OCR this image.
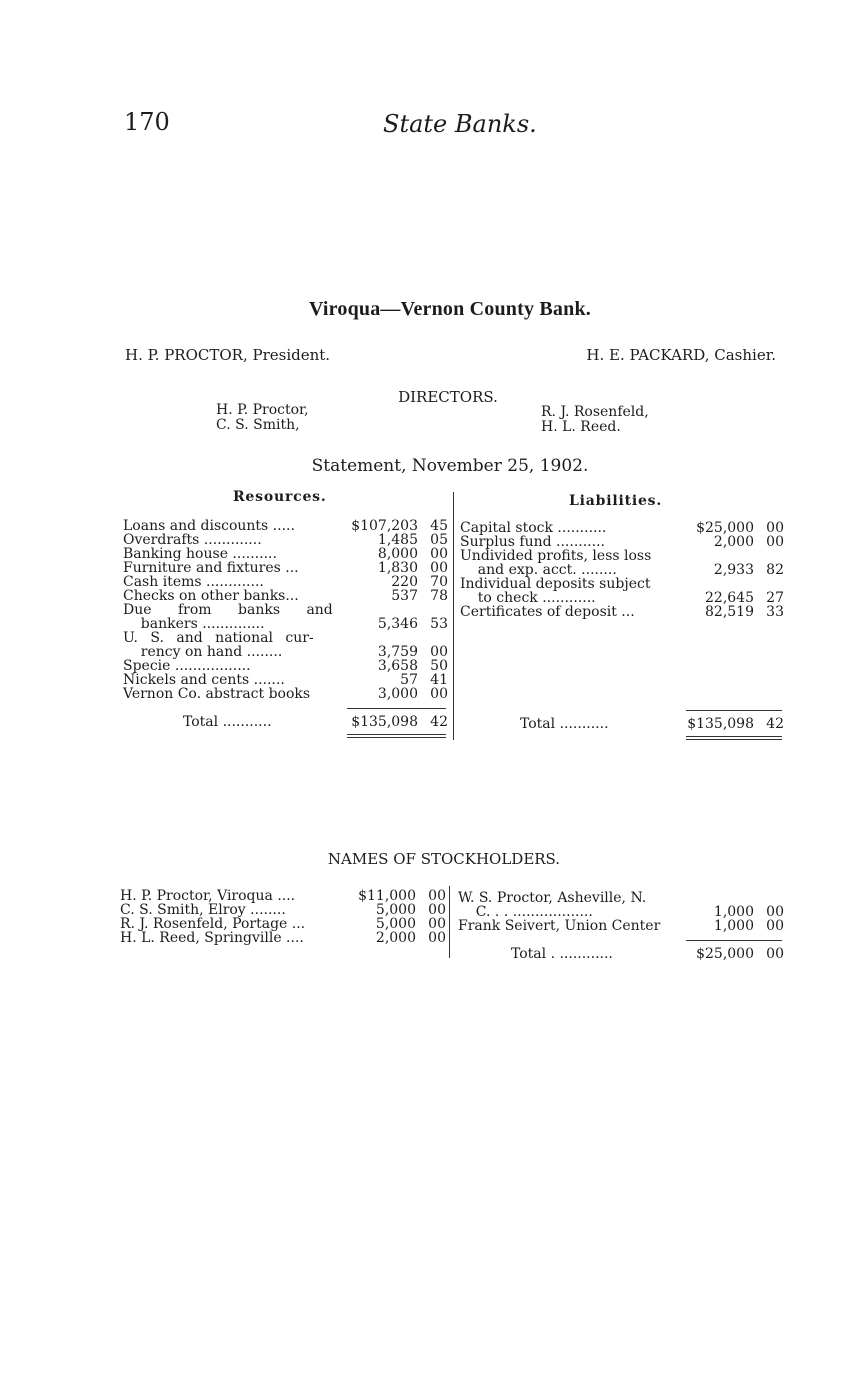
170	State Banks.
Viroqua—Vernon County Bank.
H. P. PROCTOR, President.	H. E. PACKARD, Cashier.
DIRECTORS.
H. P. Proctor,
C. S. Smith,
R. J. Rosenfeld,
H. L. Reed.
Statement, November 25, 1902.
Resources.	Liabilities.
Loans and discounts .....	$107,203 45
Overdrafts .............	1,485 05
Banking house ..........	8,000 00
Furniture and fixtures ...	1,830 00
Cash items .............	220 70
Checks on other banks...	537 78
Due from banks and
bankers ..............	5,346 53
U. S. and national cur-
rency on hand ........	3,759 00
Specie .................	3,658 50
Nickels and cents .......	57 41
Vernon Co. abstract books	3,000 00
Total ...........	$135,098 42
Capital stock ...........	$25,000 00
Surplus fund ...........	2,000 00
Undivided profits, less loss
and exp. acct. ........	2,933 82
Individual deposits subject
to check ............	22,645 27
Certificates of deposit ...	82,519 33
Total ...........	$135,098 42
NAMES OF STOCKHOLDERS.
H. P. Proctor, Viroqua ....	$11,000 00
C. S. Smith, Elroy ........	5,000 00
R. J. Rosenfeld, Portage ...	5,000 00
H. L. Reed, Springville ....	2,000 00
W. S. Proctor, Asheville, N.
C. . . ..................	1,000 00
Frank Seivert, Union Center	1,000 00
Total . ............	$25,000 00
